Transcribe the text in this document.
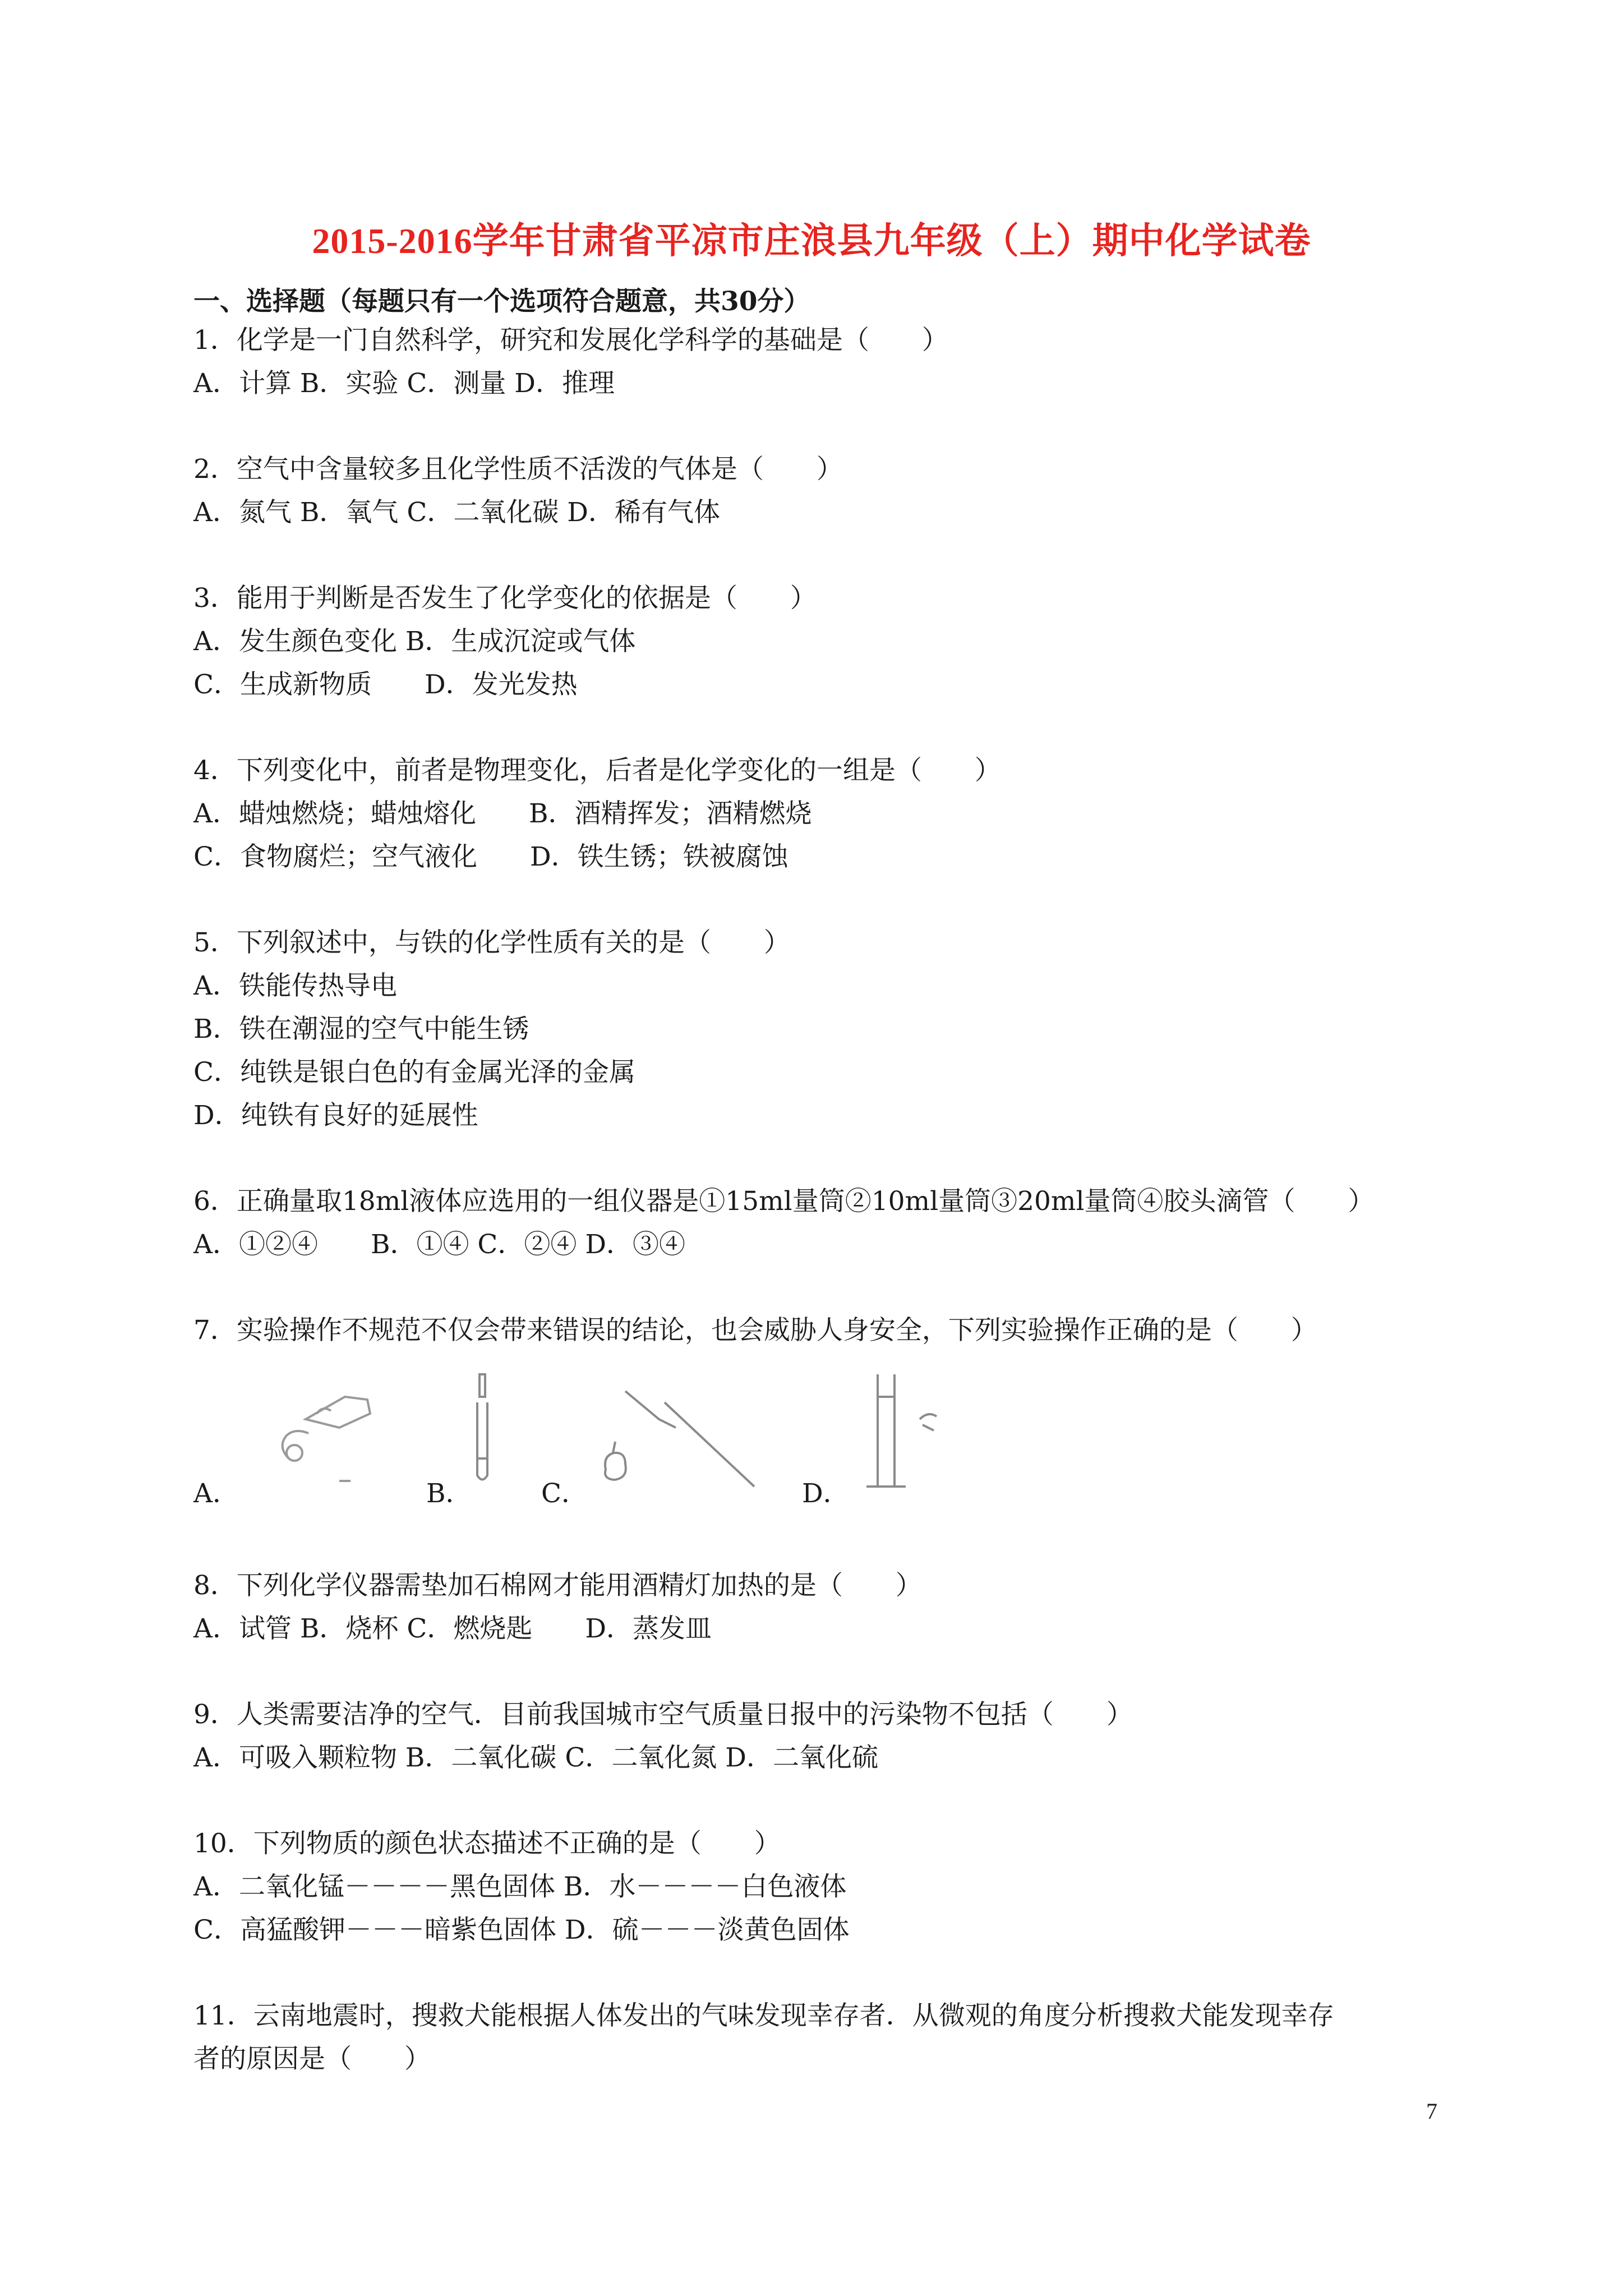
2015-2016学年甘肃省平凉市庄浪县九年级（上）期中化学试卷
一、选择题（每题只有一个选项符合题意，共30分）
1．化学是一门自然科学，研究和发展化学科学的基础是（　　）
A．计算 B．实验 C．测量 D．推理
2．空气中含量较多且化学性质不活泼的气体是（　　）
A．氮气 B．氧气 C．二氧化碳 D．稀有气体
3．能用于判断是否发生了化学变化的依据是（　　）
A．发生颜色变化 B．生成沉淀或气体
C．生成新物质　　D．发光发热
4．下列变化中，前者是物理变化，后者是化学变化的一组是（　　）
A．蜡烛燃烧；蜡烛熔化　　B．酒精挥发；酒精燃烧
C．食物腐烂；空气液化　　D．铁生锈；铁被腐蚀
5．下列叙述中，与铁的化学性质有关的是（　　）
A．铁能传热导电
B．铁在潮湿的空气中能生锈
C．纯铁是银白色的有金属光泽的金属
D．纯铁有良好的延展性
6．正确量取18ml液体应选用的一组仪器是①15ml量筒②10ml量筒③20ml量筒④胶头滴管（　　）
A．①②④　　B．①④ C．②④ D．③④
7．实验操作不规范不仅会带来错误的结论，也会威胁人身安全，下列实验操作正确的是（　　）
A．	B．	C．	D．
8．下列化学仪器需垫加石棉网才能用酒精灯加热的是（　　）
A．试管 B．烧杯 C．燃烧匙　　D．蒸发皿
9．人类需要洁净的空气．目前我国城市空气质量日报中的污染物不包括（　　）
A．可吸入颗粒物 B．二氧化碳 C．二氧化氮 D．二氧化硫
10．下列物质的颜色状态描述不正确的是（　　）
A．二氧化锰－－－－黑色固体 B．水－－－－白色液体
C．高猛酸钾－－－暗紫色固体 D．硫－－－淡黄色固体
11．云南地震时，搜救犬能根据人体发出的气味发现幸存者．从微观的角度分析搜救犬能发现幸存
者的原因是（　　）
7
